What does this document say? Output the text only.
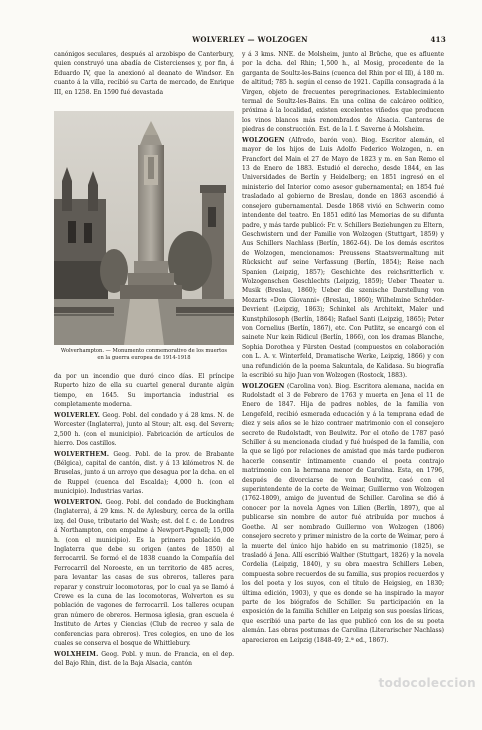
WOLVERLEY — WOLZOGEN	413

canónigos seculares, después al arzobispo de Canterbury, quien construyó una abadía de Cistercienses y, por fin, á Eduardo IV, que la anexionó al deanato de Windsor. En cuanto á la villa, recibió su Carta de mercado, de Enrique III, en 1258. En 1590 fué devastada

Wolverhampton. — Monumento conmemorativo de los muertos en la guerra europea de 1914-1918

da por un incendio que duró cinco días. El príncipe Ruperto hizo de ella su cuartel general durante algún tiempo, en 1645. Su importancia industrial es completamente moderna.

WOLVERLEY. Geog. Pobl. del condado y á 28 kms. N. de Worcester (Inglaterra), junto al Stour; alt. esq. del Severn; 2,500 h. (con el municipio). Fabricación de artículos de hierro. Dos castillos.

WOLVERTHEM. Geog. Pobl. de la prov. de Brabante (Bélgica), capital de cantón, dist. y á 13 kilómetros N. de Bruselas, junto á un arroyo que desagua por la dcha. en el de Ruppel (cuenca del Escalda); 4,000 h. (con el municipio). Industrias varias.

WOLVERTON. Geog. Pobl. del condado de Buckingham (Inglaterra), á 29 kms. N. de Aylesbury, cerca de la orilla izq. del Ouse, tributario del Wash; est. del f. c. de Londres á Northampton, con empalme á Newport-Pagnell; 15,000 h. (con el municipio). Es la primera población de Inglaterra que debe su origen (antes de 1850) al ferrocarril. Se formó el de 1838 cuando la Compañía del Ferrocarril del Noroeste, en un territorio de 485 acres, para levantar las casas de sus obreros, talleres para reparar y construir locomotoras, por lo cual ya se llamó á Crewe es la cuna de las locomotoras, Wolverton es su población de vagones de ferrocarril. Los talleres ocupan gran número de obreros. Hermosa iglesia, gran escuela é Instituto de Artes y Ciencias (Club de recreo y sala de conferencias para obreros). Tres colegios, en uno de los cuales se conserva el bosque de Whittlebury.

WOLXHEIM. Geog. Pobl. y mun. de Francia, en el dep. del Bajo Rhin, dist. de la Baja Alsacia, cantón

y á 3 kms. NNE. de Molsheim, junto al Brüche, que es afluente por la dcha. del Rhin; 1,500 h., al Mosig, procedente de la garganta de Soultz-les-Bains (cuenca del Rhin por el Ill), á 180 m. de altitud; 785 h. según el censo de 1921. Capilla consagrada á la Virgen, objeto de frecuentes peregrinaciones. Establecimiento termal de Soultz-les-Bains. En una colina de calcáreo oolítico, próxima á la localidad, existen excelentes viñedos que producen los vinos blancos más renombrados de Alsacia. Canteras de piedras de construcción. Est. de la l. f. Saverne á Molsheim.

WOLZOGEN (Alfredo, barón von). Biog. Escritor alemán, el mayor de los hijos de Luis Adolfo Federico Wolzogen, n. en Francfort del Main el 27 de Mayo de 1823 y m. en San Remo el 13 de Enero de 1883. Estudió el derecho, desde 1844, en las Universidades de Berlín y Heidelberg; en 1851 ingresó en el ministerio del Interior como asesor gubernamental; en 1854 fué trasladado al gobierno de Breslau, donde en 1863 ascendió á consejero gubernamental. Desde 1868 vivió en Schwerin como intendente del teatro. En 1851 editó las Memorias de su difunta padre, y más tarde publicó: Fr. v. Schillers Beziehungen zu Eltern, Geschwistern und der Familie von Wolzogen (Stuttgart, 1859) y Aus Schillers Nachlass (Berlín, 1862-64). De los demás escritos de Wolzogen, mencionamos: Preussens Staatsvermaltung mit Rücksicht auf seine Verfassung (Berlín, 1854); Reise nach Spanien (Leipzig, 1857); Geschichte des reichsritterlich v. Wolzogenschen Geschlechts (Leipzig, 1859); Ueber Theater u. Musik (Breslau, 1860); Ueber die szenische Darstellung von Mozarts «Don Giovanni» (Breslau, 1860); Wilhelmine Schröder-Devrient (Leipzig, 1863); Schinkel als Architekt, Maler und Kunstphilosoph (Berlín, 1864); Rafael Santi (Leipzig, 1865); Peter von Cornelius (Berlín, 1867), etc. Con Putlitz, se encargó con el sainete Nur kein Ridicul (Berlín, 1866), con los dramas Blanche, Sophia Dorothea y Fürsten Oestad (compuestos en colaboración con L. A. v. Winterfeld, Dramatische Werke, Leipzig, 1866) y con una refundición de la poema Sakuntala, de Kalidasa. Su biografía la escribió su hijo Juan von Wolzogen (Rostock, 1883).

WOLZOGEN (Carolina von). Biog. Escritora alemana, nacida en Rudolstadt el 3 de Febrero de 1763 y muerta en Jena el 11 de Enero de 1847. Hija de padres nobles, de la familia von Lengefeld, recibió esmerada educación y á la temprana edad de diez y seis años se le hizo contraer matrimonio con el consejero secreto de Rudolstadt, von Beulwitz. Por el otoño de 1787 pasó Schiller á su mencionada ciudad y fué huésped de la familia, con la que se ligó por relaciones de amistad que más tarde pudieron hacerle consentir íntimamente cuando el poeta contrajo matrimonio con la hermana menor de Carolina. Esta, en 1796, después de divorciarse de von Beulwitz, casó con el superintendente de la corte de Weimar, Guillermo von Wolzogen (1762-1809), amigo de juventud de Schiller. Carolina se dió á conocer por la novela Agnes von Lilien (Berlín, 1897), que al publicarse sin nombre de autor fué atribuída por muchos á Goethe. Al ser nombrado Guillermo von Wolzogen (1806) consejero secreto y primer ministro de la corte de Weimar, pero á la muerte del único hijo habido en su matrimonio (1825), se trasladó á Jena. Allí escribió Walther (Stuttgart, 1826) y la novela Cordelia (Leipzig, 1840), y su obra maestra Schillers Leben, compuesta sobre recuerdos de su familia, sus propios recuerdos y los del poeta y los suyos, con el título de Heigsieg, en 1830; última edición, 1903), y que es donde se ha inspirado la mayor parte de los biógrafos de Schiller. Su participación en la exposición de la familia Schiller en Leipzig son sus poesías líricas, que escribió una parte de las que publicó con los de su poeta alemán. Las obras postumas de Carolina (Literarischer Nachlass) aparecieron en Leipzig (1848-49; 2.ª ed., 1867).

todocoleccion
